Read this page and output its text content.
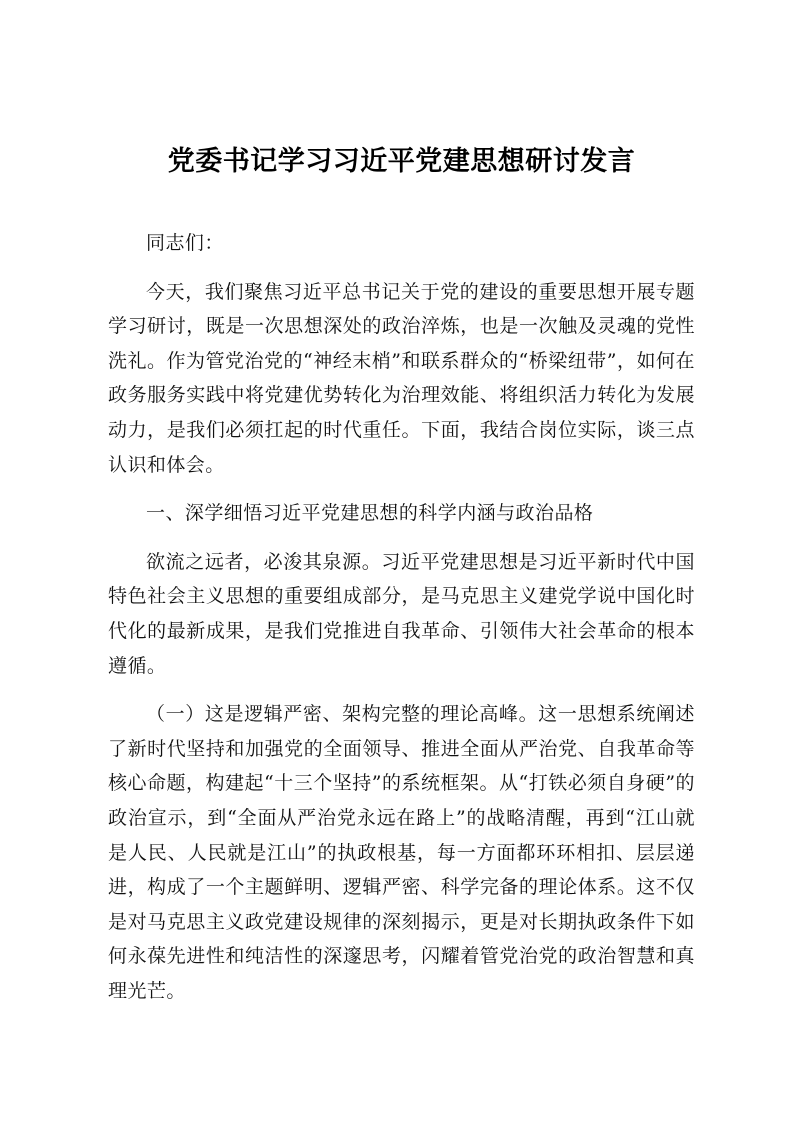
党委书记学习习近平党建思想研讨发言

同志们：

今天，我们聚焦习近平总书记关于党的建设的重要思想开展专题学习研讨，既是一次思想深处的政治淬炼，也是一次触及灵魂的党性洗礼。作为管党治党的“神经末梢”和联系群众的“桥梁纽带”，如何在政务服务实践中将党建优势转化为治理效能、将组织活力转化为发展动力，是我们必须扛起的时代重任。下面，我结合岗位实际，谈三点认识和体会。

一、深学细悟习近平党建思想的科学内涵与政治品格

欲流之远者，必浚其泉源。习近平党建思想是习近平新时代中国特色社会主义思想的重要组成部分，是马克思主义建党学说中国化时代化的最新成果，是我们党推进自我革命、引领伟大社会革命的根本遵循。

（一）这是逻辑严密、架构完整的理论高峰。这一思想系统阐述了新时代坚持和加强党的全面领导、推进全面从严治党、自我革命等核心命题，构建起“十三个坚持”的系统框架。从“打铁必须自身硬”的政治宣示，到“全面从严治党永远在路上”的战略清醒，再到“江山就是人民、人民就是江山”的执政根基，每一方面都环环相扣、层层递进，构成了一个主题鲜明、逻辑严密、科学完备的理论体系。这不仅是对马克思主义政党建设规律的深刻揭示，更是对长期执政条件下如何永葆先进性和纯洁性的深邃思考，闪耀着管党治党的政治智慧和真理光芒。
